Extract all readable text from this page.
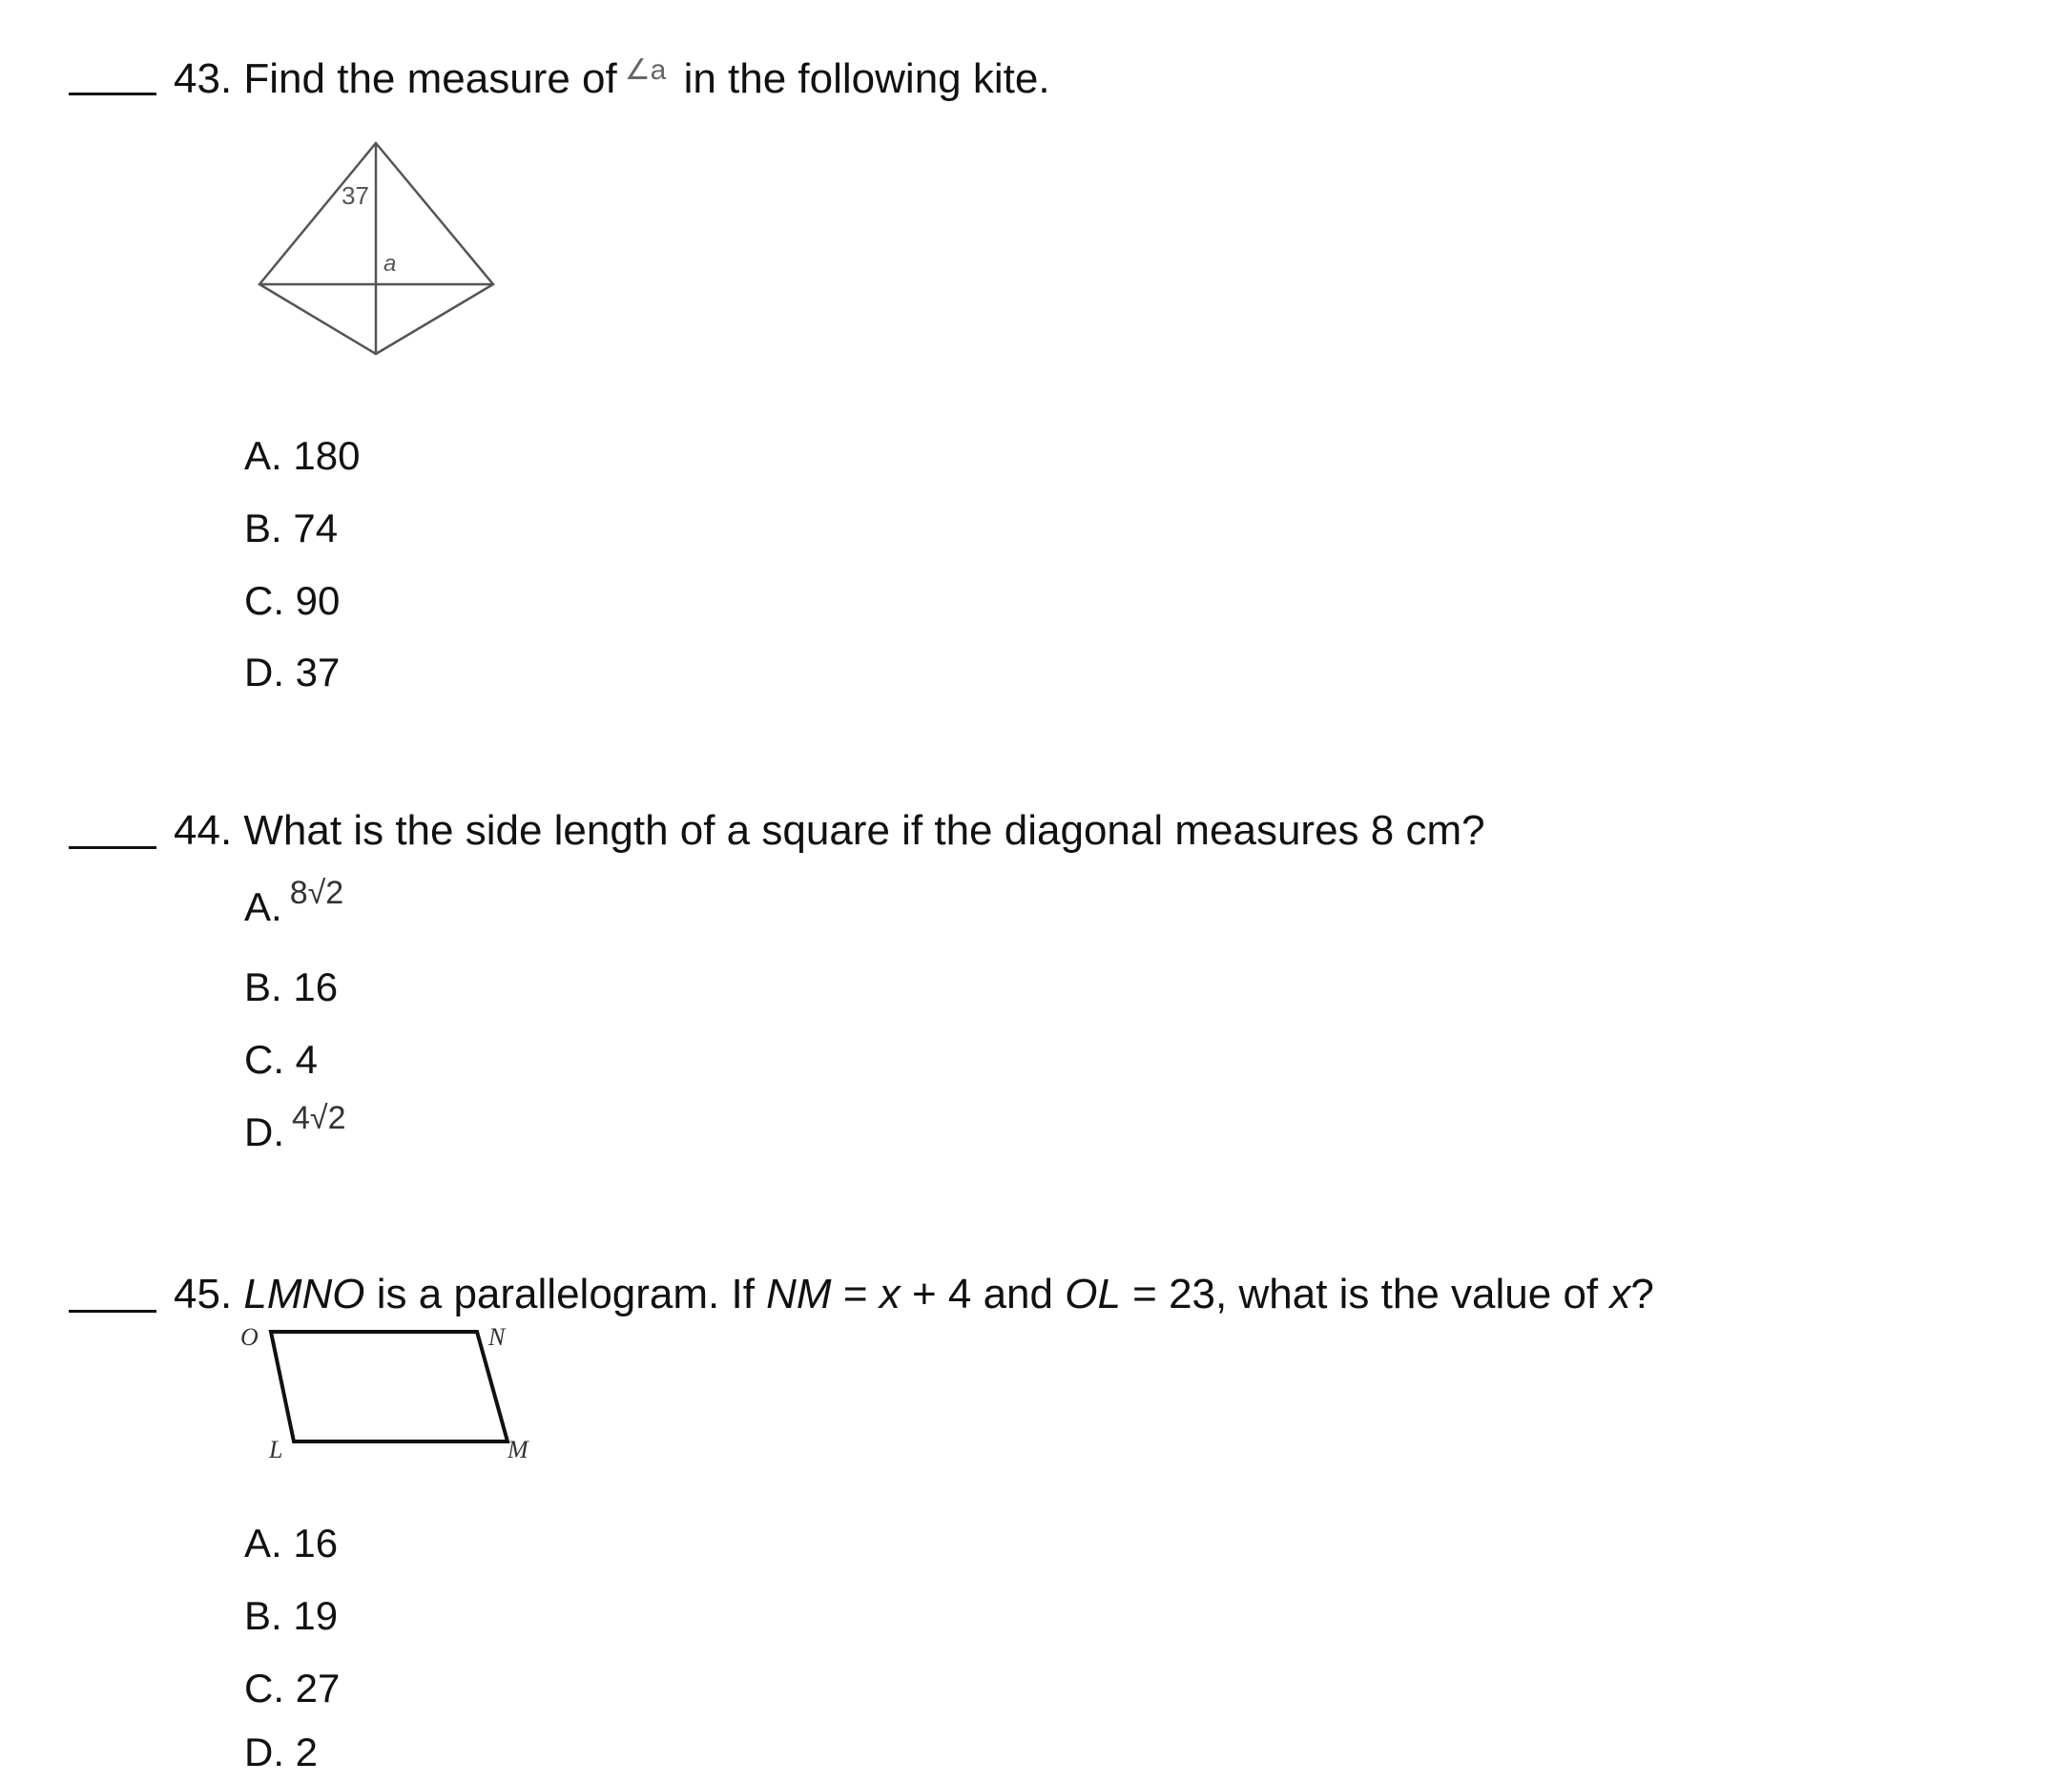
43. Find the measure of $^{\angle a}$ in the following kite.
37
a
A. 180
B. 74
C. 90
D. 37
44. What is the side length of a square if the diagonal measures 8 cm?
A. $^{8√2}$
B. 16
C. 4
D. $^{4√2}$
45. LMNO is a parallelogram. If NM = x + 4 and OL = 23, what is the value of x?
O	N
L	M
A. 16
B. 19
C. 27
D. 2
